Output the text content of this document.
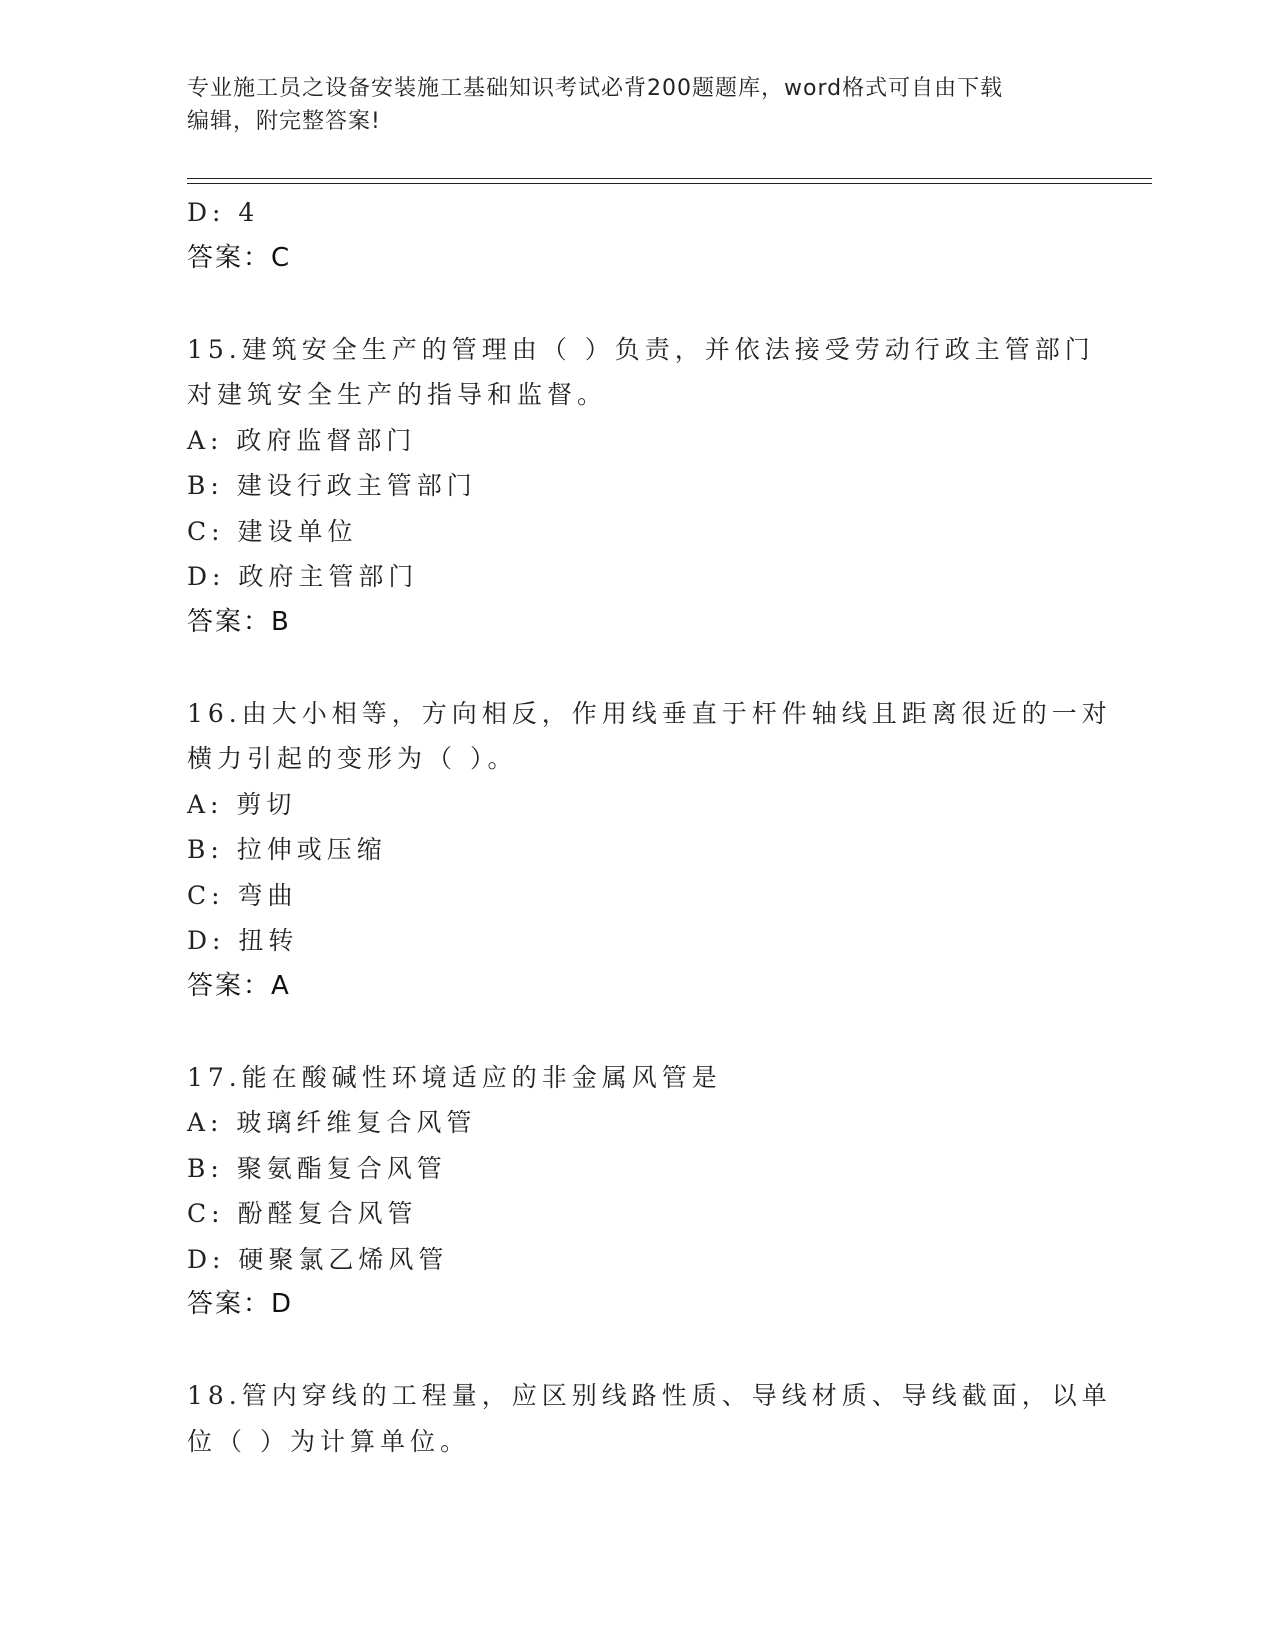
专业施工员之设备安装施工基础知识考试必背200题题库，word格式可自由下载
编辑，附完整答案!
D: 4
答案：C
15.建筑安全生产的管理由（ ）负责，并依法接受劳动行政主管部门
对建筑安全生产的指导和监督。
A: 政府监督部门
B: 建设行政主管部门
C: 建设单位
D: 政府主管部门
答案：B
16.由大小相等，方向相反，作用线垂直于杆件轴线且距离很近的一对
横力引起的变形为（ ）。
A: 剪切
B: 拉伸或压缩
C: 弯曲
D: 扭转
答案：A
17.能在酸碱性环境适应的非金属风管是
A: 玻璃纤维复合风管
B: 聚氨酯复合风管
C: 酚醛复合风管
D: 硬聚氯乙烯风管
答案：D
18.管内穿线的工程量，应区别线路性质、导线材质、导线截面，以单
位（ ）为计算单位。
